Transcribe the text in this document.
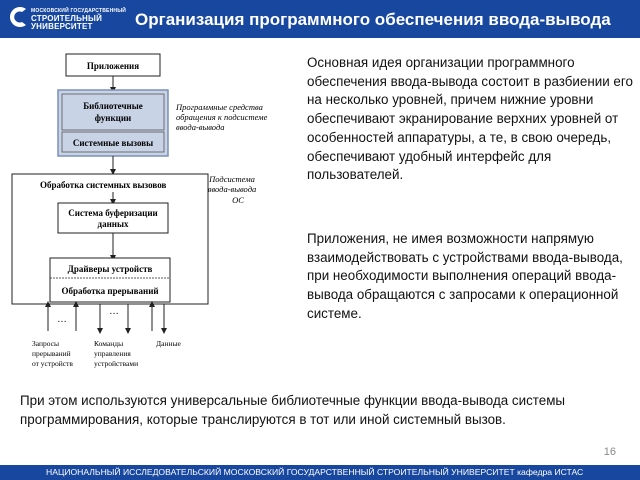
МОСКОВСКИЙ ГОСУДАРСТВЕННЫЙ
СТРОИТЕЛЬНЫЙ
УНИВЕРСИТЕТ	Организация программного обеспечения ввода-вывода
Приложения
Библиотечные
функции
Системные вызовы
Программные средства
обращения к подсистеме
ввода-вывода
Обработка системных вызовов
Подсистема
ввода-вывода
ОС
Система буферизации
данных
Драйверы устройств
Обработка прерываний
…
…
Запросы
прерываний
от устройств
Команды
управления
устройствами
Данные
Основная идея организации программного обеспечения ввода-вывода состоит в разбиении его на несколько уровней, причем нижние уровни обеспечивают экранирование верхних уровней от особенностей аппаратуры, а те, в свою очередь, обеспечивают удобный интерфейс для пользователей.
Приложения, не имея возможности напрямую взаимодействовать с устройствами ввода-вывода, при необходимости выполнения операций ввода-вывода обращаются с запросами к операционной системе.
При этом используются универсальные библиотечные функции ввода-вывода системы программирования, которые транслируются в тот или иной системный вызов.
16
НАЦИОНАЛЬНЫЙ ИССЛЕДОВАТЕЛЬСКИЙ МОСКОВСКИЙ ГОСУДАРСТВЕННЫЙ СТРОИТЕЛЬНЫЙ УНИВЕРСИТЕТ кафедра ИСТАС
